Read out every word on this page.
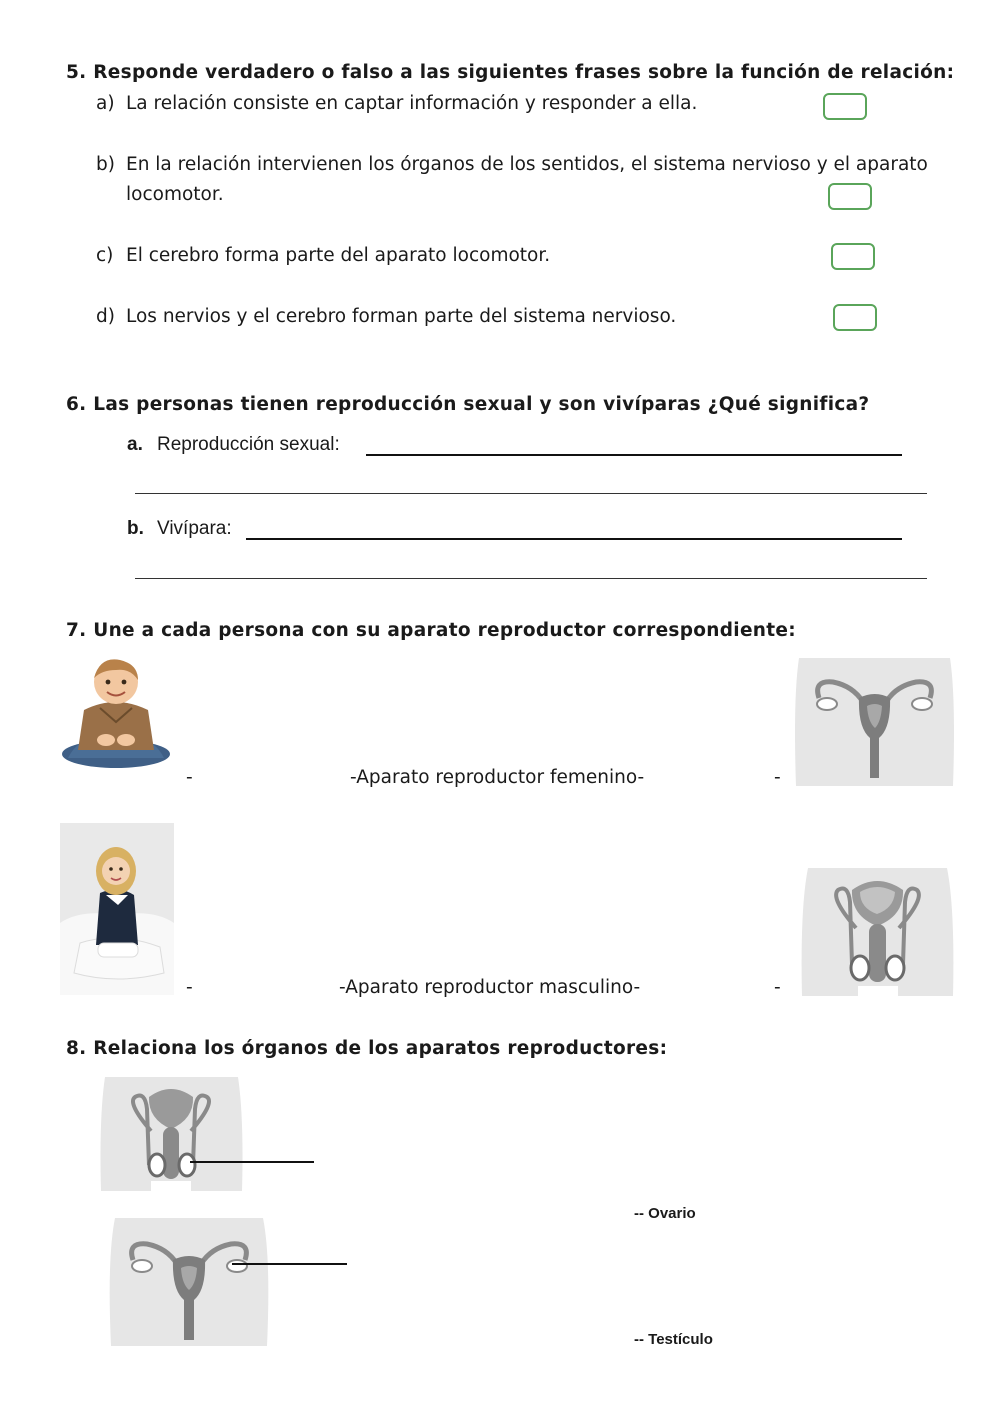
5. Responde verdadero o falso a las siguientes frases sobre la función de relación:
a) La relación consiste en captar información y responder a ella.
b) En la relación intervienen los órganos de los sentidos, el sistema nervioso y el aparato
locomotor.
c) El cerebro forma parte del aparato locomotor.
d) Los nervios y el cerebro forman parte del sistema nervioso.
6. Las personas tienen reproducción sexual y son vivíparas ¿Qué significa?
a. Reproducción sexual:
b. Vivípara:
7. Une a cada persona con su aparato reproductor correspondiente:
-	-Aparato reproductor femenino-	-
-	-Aparato reproductor masculino-	-
8. Relaciona los órganos de los aparatos reproductores:
-- Ovario
-- Testículo
